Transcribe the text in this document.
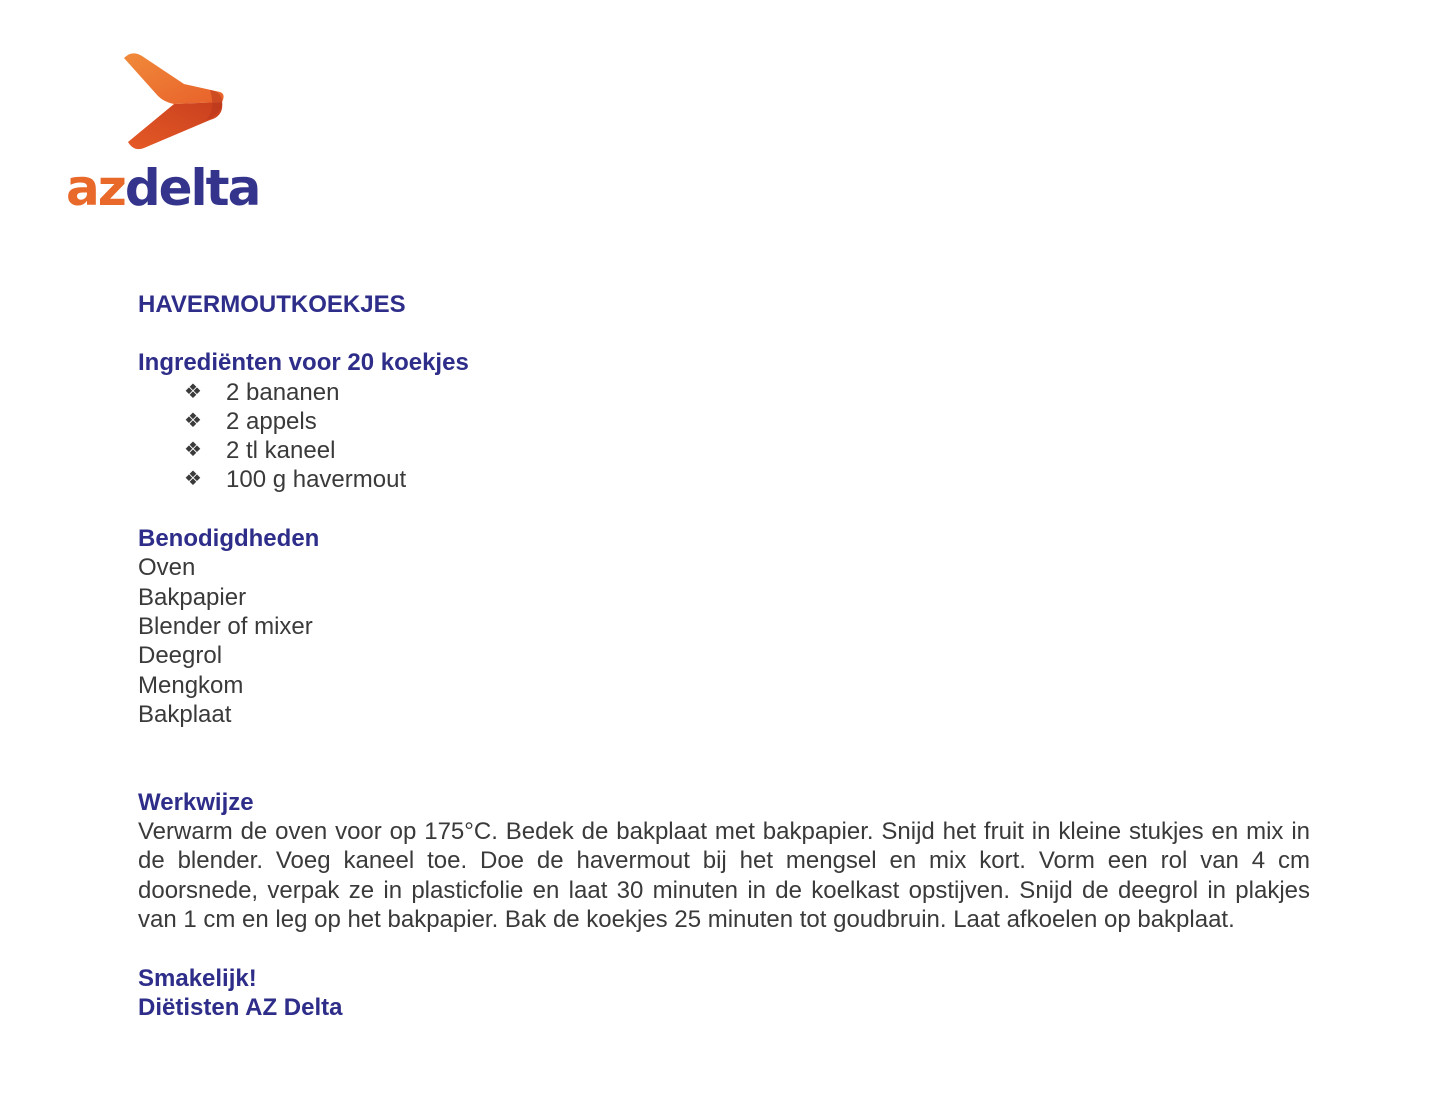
azdelta

HAVERMOUTKOEKJES

Ingrediënten voor 20 koekjes

❖	2 bananen
❖	2 appels
❖	2 tl kaneel
❖	100 g havermout

Benodigdheden

Oven

Bakpapier

Blender of mixer

Deegrol

Mengkom

Bakplaat

Werkwijze

Verwarm de oven voor op 175°C. Bedek de bakplaat met bakpapier. Snijd het fruit in kleine stukjes en mix in de blender. Voeg kaneel toe. Doe de havermout bij het mengsel en mix kort. Vorm een rol van 4 cm doorsnede, verpak ze in plasticfolie en laat 30 minuten in de koelkast opstijven. Snijd de deegrol in plakjes van 1 cm en leg op het bakpapier. Bak de koekjes 25 minuten tot goudbruin. Laat afkoelen op bakplaat.

Smakelijk!

Diëtisten AZ Delta
